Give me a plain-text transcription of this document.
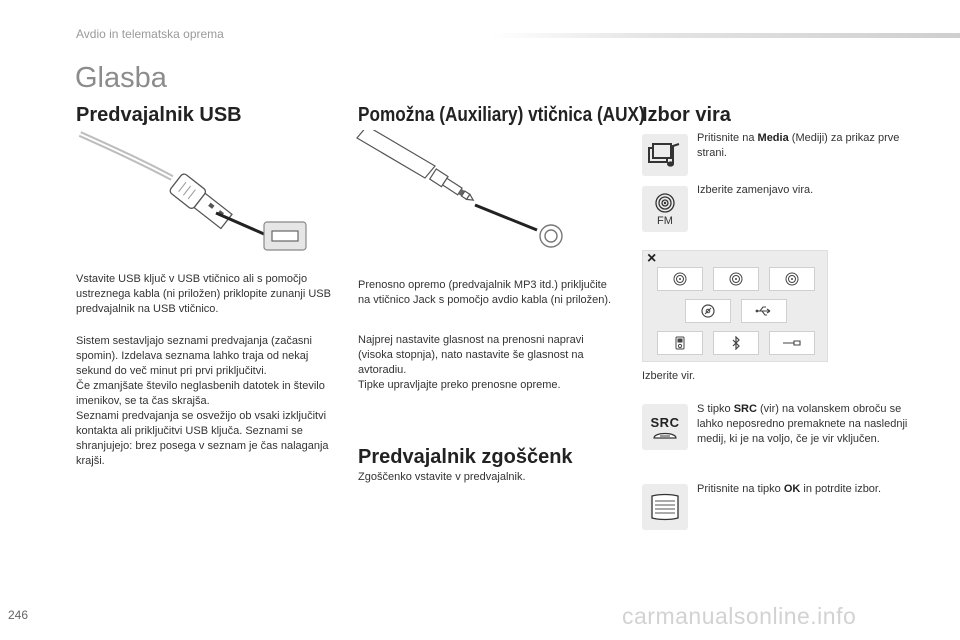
Avdio in telematska oprema
Glasba
Predvajalnik USB
Vstavite USB ključ v USB vtičnico ali s pomočjo ustreznega kabla (ni priložen) priklopite zunanji USB predvajalnik na USB vtičnico.
Sistem sestavljajo seznami predvajanja (začasni spomin). Izdelava seznama lahko traja od nekaj sekund do več minut pri prvi priključitvi.
Če zmanjšate število neglasbenih datotek in število imenikov, se ta čas skrajša.
Seznami predvajanja se osvežijo ob vsaki izključitvi kontakta ali priključitvi USB ključa. Seznami se shranjujejo: brez posega v seznam je čas nalaganja krajši.
Pomožna (Auxiliary) vtičnica (AUX)
Prenosno opremo (predvajalnik MP3 itd.) priključite na vtičnico Jack s pomočjo avdio kabla (ni priložen).
Najprej nastavite glasnost na prenosni napravi (visoka stopnja), nato nastavite še glasnost na avtoradiu.
Tipke upravljajte preko prenosne opreme.
Predvajalnik zgoščenk
Zgoščenko vstavite v predvajalnik.
Izbor vira
Pritisnite na Media (Mediji) za prikaz prve strani.
FM
Izberite zamenjavo vira.
×
Izberite vir.
SRC
S tipko SRC (vir) na volanskem obroču se lahko neposredno premaknete na naslednji medij, ki je na voljo, če je vir vključen.
Pritisnite na tipko OK in potrdite izbor.
246	carmanualsonline.info
